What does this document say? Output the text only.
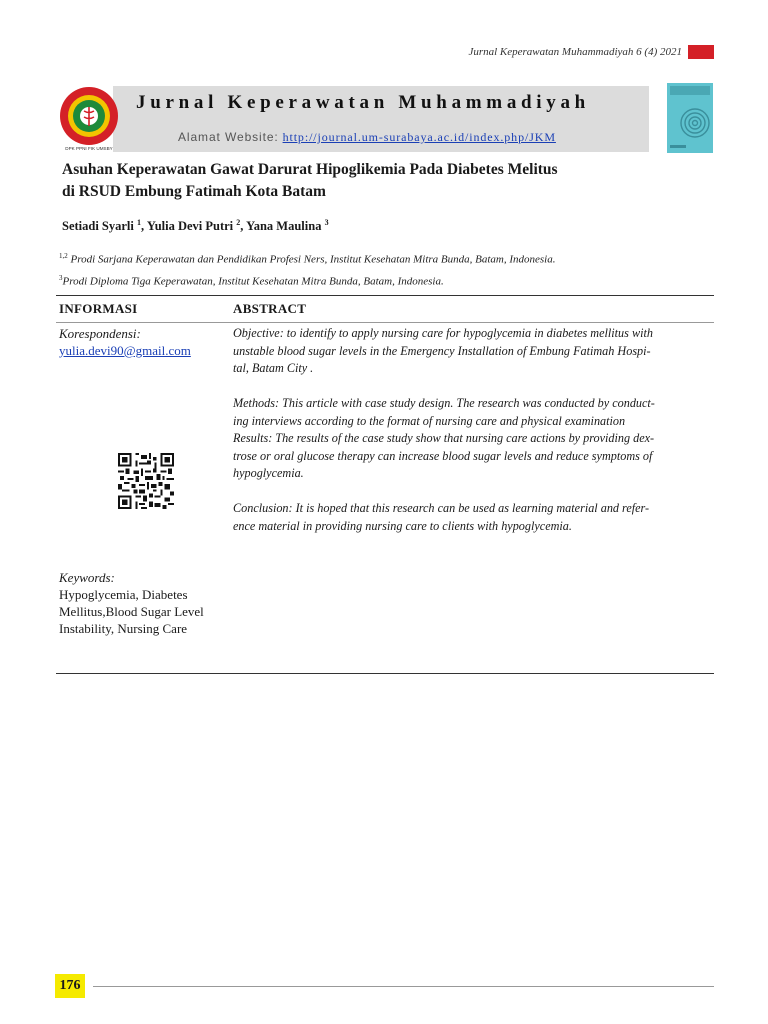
Jurnal Keperawatan Muhammadiyah 6 (4) 2021
Jurnal Keperawatan Muhammadiyah
Alamat Website: http://journal.um-surabaya.ac.id/index.php/JKM
DPK PPNI FIK UMSBY
Asuhan Keperawatan Gawat Darurat Hipoglikemia Pada Diabetes Melitus
di RSUD Embung Fatimah Kota Batam
Setiadi Syarli $^1$, Yulia Devi Putri $^2$, Yana Maulina $^3$
$^{1,2}$ Prodi Sarjana Keperawatan dan Pendidikan Profesi Ners, Institut Kesehatan Mitra Bunda, Batam, Indonesia.
$^3$Prodi Diploma Tiga Keperawatan, Institut Kesehatan Mitra Bunda, Batam, Indonesia.
INFORMASI	ABSTRACT
Korespondensi:
yulia.devi90@gmail.com
Keywords:
Hypoglycemia, Diabetes
Mellitus,Blood Sugar Level
Instability, Nursing Care

Objective: to identify to apply nursing care for hypoglycemia in diabetes mellitus with

unstable blood sugar levels in the Emergency Installation of Embung Fatimah Hospi-

tal, Batam City .

Methods: This article with case study design. The research was conducted by conduct-

ing interviews according to the format of nursing care and physical examination

Results: The results of the case study show that nursing care actions by providing dex-

trose or oral glucose therapy can increase blood sugar levels and reduce symptoms of

hypoglycemia.

Conclusion: It is hoped that this research can be used as learning material and refer-

ence material in providing nursing care to clients with hypoglycemia.

176
